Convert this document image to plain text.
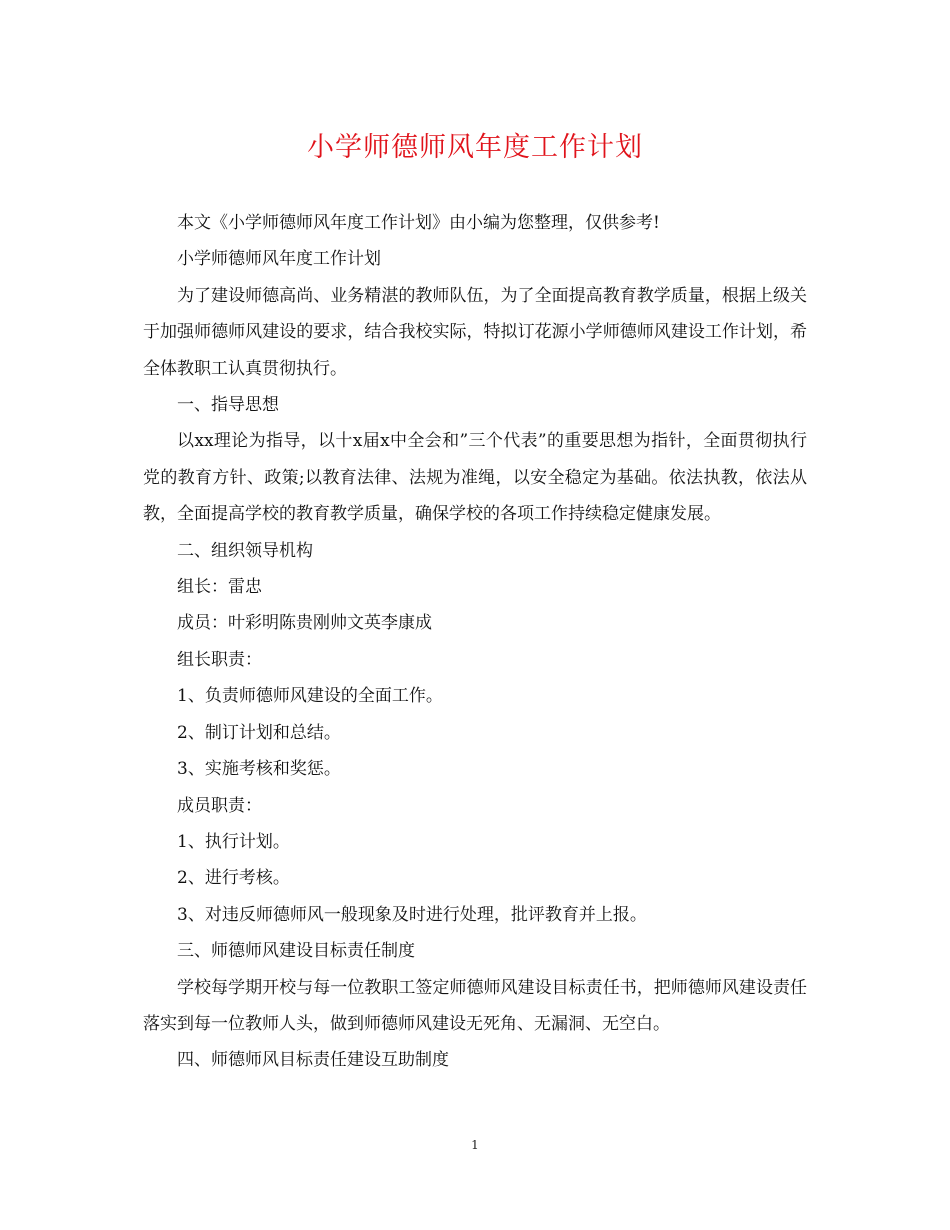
小学师德师风年度工作计划

本文《小学师德师风年度工作计划》由小编为您整理，仅供参考!

小学师德师风年度工作计划

为了建设师德高尚、业务精湛的教师队伍，为了全面提高教育教学质量，根据上级关于加强师德师风建设的要求，结合我校实际，特拟订花源小学师德师风建设工作计划，希全体教职工认真贯彻执行。

一、指导思想

以xx理论为指导，以十x届x中全会和”三个代表”的重要思想为指针，全面贯彻执行党的教育方针、政策;以教育法律、法规为准绳，以安全稳定为基础。依法执教，依法从教，全面提高学校的教育教学质量，确保学校的各项工作持续稳定健康发展。

二、组织领导机构

组长：雷忠

成员：叶彩明陈贵刚帅文英李康成

组长职责：

1、负责师德师风建设的全面工作。

2、制订计划和总结。

3、实施考核和奖惩。

成员职责：

1、执行计划。

2、进行考核。

3、对违反师德师风一般现象及时进行处理，批评教育并上报。

三、师德师风建设目标责任制度

学校每学期开校与每一位教职工签定师德师风建设目标责任书，把师德师风建设责任落实到每一位教师人头，做到师德师风建设无死角、无漏洞、无空白。

四、师德师风目标责任建设互助制度

1
